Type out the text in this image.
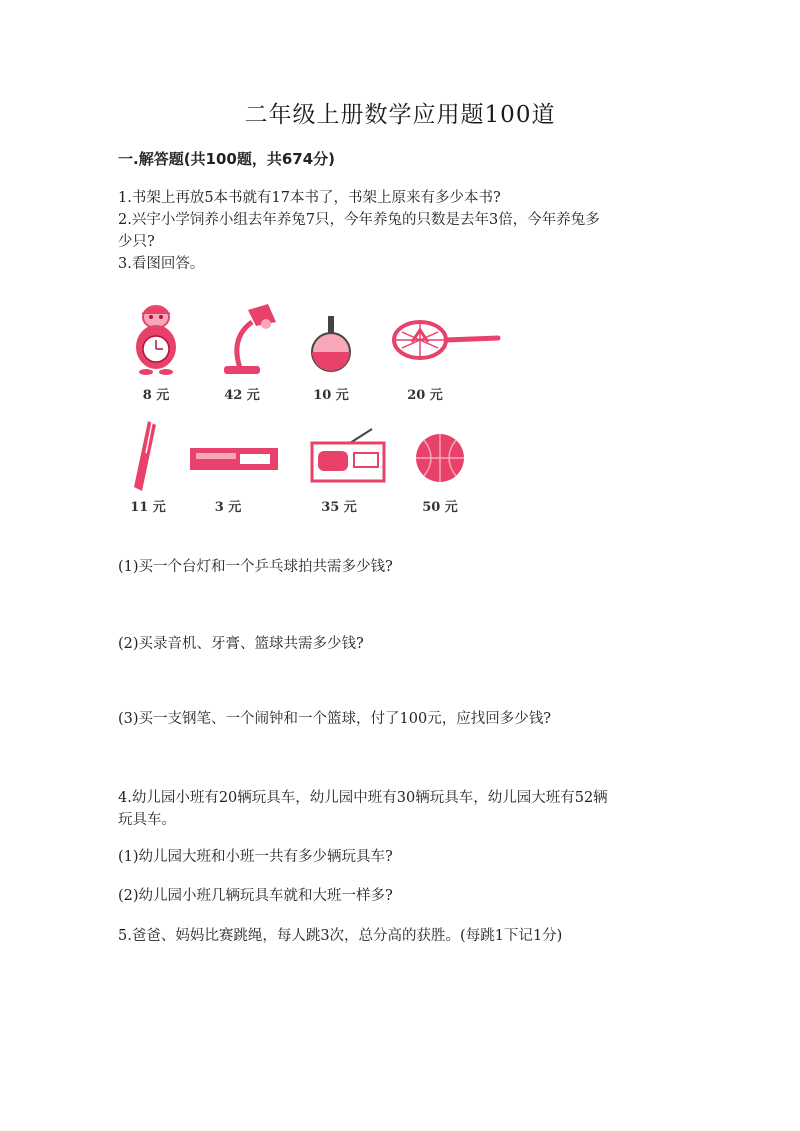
二年级上册数学应用题100道
一.解答题(共100题，共674分)
1.书架上再放5本书就有17本书了，书架上原来有多少本书?
2.兴宇小学饲养小组去年养兔7只，今年养兔的只数是去年3倍，今年养兔多
少只?
3.看图回答。
8 元	42 元	10 元	20 元
11 元	3 元	35 元	50 元
(1)买一个台灯和一个乒乓球拍共需多少钱?
(2)买录音机、牙膏、篮球共需多少钱?
(3)买一支钢笔、一个闹钟和一个篮球，付了100元，应找回多少钱?
4.幼儿园小班有20辆玩具车，幼儿园中班有30辆玩具车，幼儿园大班有52辆
玩具车。
(1)幼儿园大班和小班一共有多少辆玩具车?
(2)幼儿园小班几辆玩具车就和大班一样多?
5.爸爸、妈妈比赛跳绳，每人跳3次，总分高的获胜。(每跳1下记1分)
